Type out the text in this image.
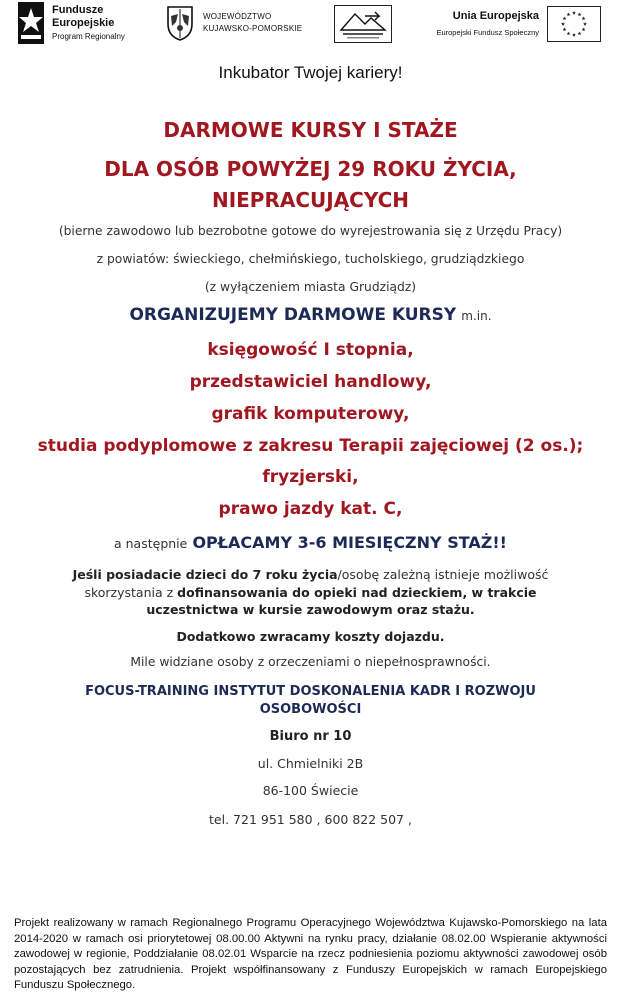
Fundusze
Europejskie
Program Regionalny
WOJEWÓDZTWO
KUJAWSKO-POMORSKIE
Unia Europejska
Europejski Fundusz Społeczny
Inkubator Twojej kariery!
DARMOWE KURSY I STAŻE
DLA OSÓB POWYŻEJ 29 ROKU ŻYCIA,
NIEPRACUJĄCYCH
(bierne zawodowo lub bezrobotne gotowe do wyrejestrowania się z Urzędu Pracy)
z powiatów: świeckiego, chełmińskiego, tucholskiego, grudziądzkiego
(z wyłączeniem miasta Grudziądz)
ORGANIZUJEMY DARMOWE KURSY m.in.
księgowość I stopnia,
przedstawiciel handlowy,
grafik komputerowy,
studia podyplomowe z zakresu Terapii zajęciowej (2 os.);
fryzjerski,
prawo jazdy kat. C,
a następnie OPŁACAMY 3-6 MIESIĘCZNY STAŻ!!
Jeśli posiadacie dzieci do 7 roku życia/osobę zależną istnieje możliwość
skorzystania z dofinansowania do opieki nad dzieckiem, w trakcie
uczestnictwa w kursie zawodowym oraz stażu.
Dodatkowo zwracamy koszty dojazdu.
Mile widziane osoby z orzeczeniami o niepełnosprawności.
FOCUS-TRAINING INSTYTUT DOSKONALENIA KADR I ROZWOJU
OSOBOWOŚCI
Biuro nr 10
ul. Chmielniki 2B
86-100 Świecie
tel. 721 951 580 , 600 822 507 ,
Projekt realizowany w ramach Regionalnego Programu Operacyjnego Województwa Kujawsko-Pomorskiego na lata 2014-2020 w ramach osi priorytetowej 08.00.00 Aktywni na rynku pracy, działanie 08.02.00 Wspieranie aktywności zawodowej w regionie, Poddziałanie 08.02.01 Wsparcie na rzecz podniesienia poziomu aktywności zawodowej osób pozostających bez zatrudnienia. Projekt współfinansowany z Funduszy Europejskich w ramach Europejskiego Funduszu Społecznego.
